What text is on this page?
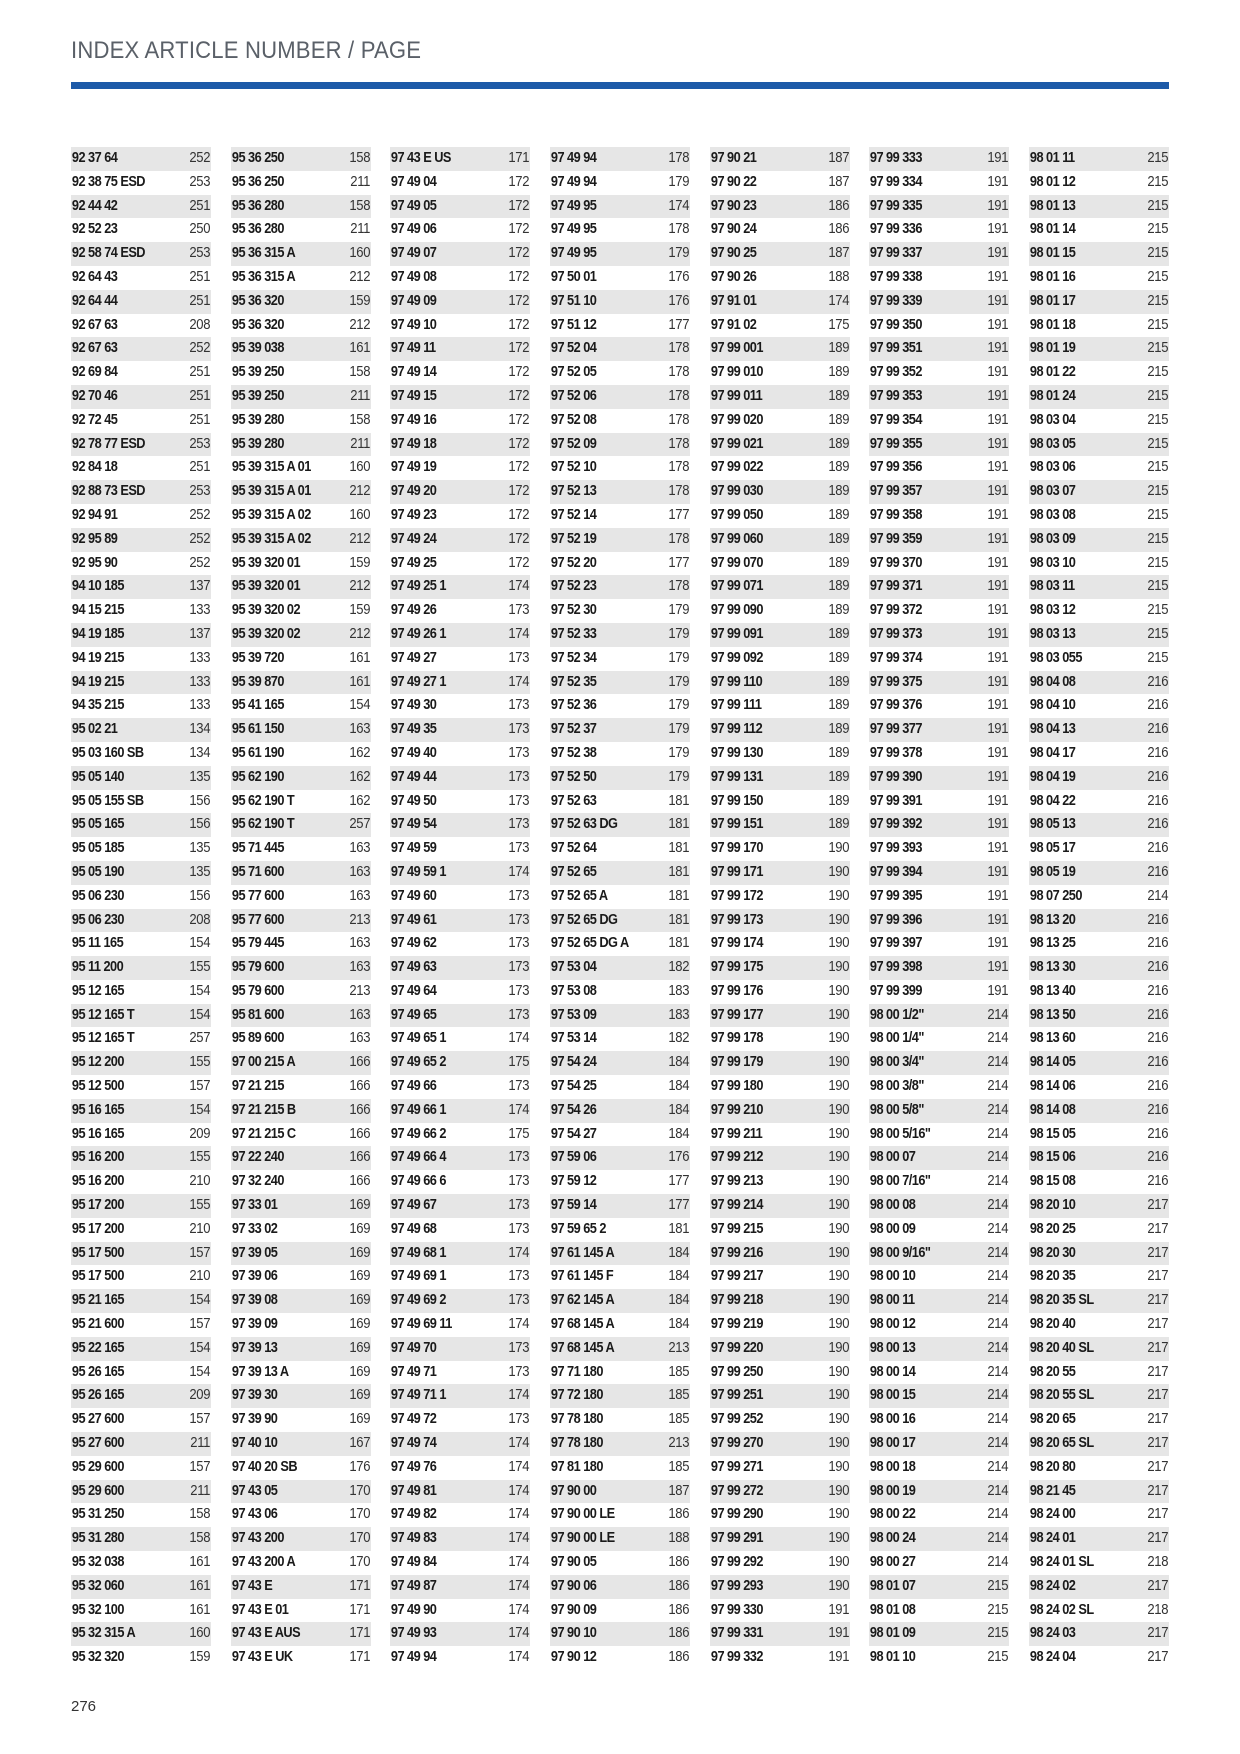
INDEX ARTICLE NUMBER / PAGE
92 37 64	252
92 38 75 ESD	253
92 44 42	251
92 52 23	250
92 58 74 ESD	253
92 64 43	251
92 64 44	251
92 67 63	208
92 67 63	252
92 69 84	251
92 70 46	251
92 72 45	251
92 78 77 ESD	253
92 84 18	251
92 88 73 ESD	253
92 94 91	252
92 95 89	252
92 95 90	252
94 10 185	137
94 15 215	133
94 19 185	137
94 19 215	133
94 19 215	133
94 35 215	133
95 02 21	134
95 03 160 SB	134
95 05 140	135
95 05 155 SB	156
95 05 165	156
95 05 185	135
95 05 190	135
95 06 230	156
95 06 230	208
95 11 165	154
95 11 200	155
95 12 165	154
95 12 165 T	154
95 12 165 T	257
95 12 200	155
95 12 500	157
95 16 165	154
95 16 165	209
95 16 200	155
95 16 200	210
95 17 200	155
95 17 200	210
95 17 500	157
95 17 500	210
95 21 165	154
95 21 600	157
95 22 165	154
95 26 165	154
95 26 165	209
95 27 600	157
95 27 600	211
95 29 600	157
95 29 600	211
95 31 250	158
95 31 280	158
95 32 038	161
95 32 060	161
95 32 100	161
95 32 315 A	160
95 32 320	159
95 36 250	158
95 36 250	211
95 36 280	158
95 36 280	211
95 36 315 A	160
95 36 315 A	212
95 36 320	159
95 36 320	212
95 39 038	161
95 39 250	158
95 39 250	211
95 39 280	158
95 39 280	211
95 39 315 A 01	160
95 39 315 A 01	212
95 39 315 A 02	160
95 39 315 A 02	212
95 39 320 01	159
95 39 320 01	212
95 39 320 02	159
95 39 320 02	212
95 39 720	161
95 39 870	161
95 41 165	154
95 61 150	163
95 61 190	162
95 62 190	162
95 62 190 T	162
95 62 190 T	257
95 71 445	163
95 71 600	163
95 77 600	163
95 77 600	213
95 79 445	163
95 79 600	163
95 79 600	213
95 81 600	163
95 89 600	163
97 00 215 A	166
97 21 215	166
97 21 215 B	166
97 21 215 C	166
97 22 240	166
97 32 240	166
97 33 01	169
97 33 02	169
97 39 05	169
97 39 06	169
97 39 08	169
97 39 09	169
97 39 13	169
97 39 13 A	169
97 39 30	169
97 39 90	169
97 40 10	167
97 40 20 SB	176
97 43 05	170
97 43 06	170
97 43 200	170
97 43 200 A	170
97 43 E	171
97 43 E 01	171
97 43 E AUS	171
97 43 E UK	171
97 43 E US	171
97 49 04	172
97 49 05	172
97 49 06	172
97 49 07	172
97 49 08	172
97 49 09	172
97 49 10	172
97 49 11	172
97 49 14	172
97 49 15	172
97 49 16	172
97 49 18	172
97 49 19	172
97 49 20	172
97 49 23	172
97 49 24	172
97 49 25	172
97 49 25 1	174
97 49 26	173
97 49 26 1	174
97 49 27	173
97 49 27 1	174
97 49 30	173
97 49 35	173
97 49 40	173
97 49 44	173
97 49 50	173
97 49 54	173
97 49 59	173
97 49 59 1	174
97 49 60	173
97 49 61	173
97 49 62	173
97 49 63	173
97 49 64	173
97 49 65	173
97 49 65 1	174
97 49 65 2	175
97 49 66	173
97 49 66 1	174
97 49 66 2	175
97 49 66 4	173
97 49 66 6	173
97 49 67	173
97 49 68	173
97 49 68 1	174
97 49 69 1	173
97 49 69 2	173
97 49 69 11	174
97 49 70	173
97 49 71	173
97 49 71 1	174
97 49 72	173
97 49 74	174
97 49 76	174
97 49 81	174
97 49 82	174
97 49 83	174
97 49 84	174
97 49 87	174
97 49 90	174
97 49 93	174
97 49 94	174
97 49 94	178
97 49 94	179
97 49 95	174
97 49 95	178
97 49 95	179
97 50 01	176
97 51 10	176
97 51 12	177
97 52 04	178
97 52 05	178
97 52 06	178
97 52 08	178
97 52 09	178
97 52 10	178
97 52 13	178
97 52 14	177
97 52 19	178
97 52 20	177
97 52 23	178
97 52 30	179
97 52 33	179
97 52 34	179
97 52 35	179
97 52 36	179
97 52 37	179
97 52 38	179
97 52 50	179
97 52 63	181
97 52 63 DG	181
97 52 64	181
97 52 65	181
97 52 65 A	181
97 52 65 DG	181
97 52 65 DG A	181
97 53 04	182
97 53 08	183
97 53 09	183
97 53 14	182
97 54 24	184
97 54 25	184
97 54 26	184
97 54 27	184
97 59 06	176
97 59 12	177
97 59 14	177
97 59 65 2	181
97 61 145 A	184
97 61 145 F	184
97 62 145 A	184
97 68 145 A	184
97 68 145 A	213
97 71 180	185
97 72 180	185
97 78 180	185
97 78 180	213
97 81 180	185
97 90 00	187
97 90 00 LE	186
97 90 00 LE	188
97 90 05	186
97 90 06	186
97 90 09	186
97 90 10	186
97 90 12	186
97 90 21	187
97 90 22	187
97 90 23	186
97 90 24	186
97 90 25	187
97 90 26	188
97 91 01	174
97 91 02	175
97 99 001	189
97 99 010	189
97 99 011	189
97 99 020	189
97 99 021	189
97 99 022	189
97 99 030	189
97 99 050	189
97 99 060	189
97 99 070	189
97 99 071	189
97 99 090	189
97 99 091	189
97 99 092	189
97 99 110	189
97 99 111	189
97 99 112	189
97 99 130	189
97 99 131	189
97 99 150	189
97 99 151	189
97 99 170	190
97 99 171	190
97 99 172	190
97 99 173	190
97 99 174	190
97 99 175	190
97 99 176	190
97 99 177	190
97 99 178	190
97 99 179	190
97 99 180	190
97 99 210	190
97 99 211	190
97 99 212	190
97 99 213	190
97 99 214	190
97 99 215	190
97 99 216	190
97 99 217	190
97 99 218	190
97 99 219	190
97 99 220	190
97 99 250	190
97 99 251	190
97 99 252	190
97 99 270	190
97 99 271	190
97 99 272	190
97 99 290	190
97 99 291	190
97 99 292	190
97 99 293	190
97 99 330	191
97 99 331	191
97 99 332	191
97 99 333	191
97 99 334	191
97 99 335	191
97 99 336	191
97 99 337	191
97 99 338	191
97 99 339	191
97 99 350	191
97 99 351	191
97 99 352	191
97 99 353	191
97 99 354	191
97 99 355	191
97 99 356	191
97 99 357	191
97 99 358	191
97 99 359	191
97 99 370	191
97 99 371	191
97 99 372	191
97 99 373	191
97 99 374	191
97 99 375	191
97 99 376	191
97 99 377	191
97 99 378	191
97 99 390	191
97 99 391	191
97 99 392	191
97 99 393	191
97 99 394	191
97 99 395	191
97 99 396	191
97 99 397	191
97 99 398	191
97 99 399	191
98 00 1/2"	214
98 00 1/4"	214
98 00 3/4"	214
98 00 3/8"	214
98 00 5/8"	214
98 00 5/16"	214
98 00 07	214
98 00 7/16"	214
98 00 08	214
98 00 09	214
98 00 9/16"	214
98 00 10	214
98 00 11	214
98 00 12	214
98 00 13	214
98 00 14	214
98 00 15	214
98 00 16	214
98 00 17	214
98 00 18	214
98 00 19	214
98 00 22	214
98 00 24	214
98 00 27	214
98 01 07	215
98 01 08	215
98 01 09	215
98 01 10	215
98 01 11	215
98 01 12	215
98 01 13	215
98 01 14	215
98 01 15	215
98 01 16	215
98 01 17	215
98 01 18	215
98 01 19	215
98 01 22	215
98 01 24	215
98 03 04	215
98 03 05	215
98 03 06	215
98 03 07	215
98 03 08	215
98 03 09	215
98 03 10	215
98 03 11	215
98 03 12	215
98 03 13	215
98 03 055	215
98 04 08	216
98 04 10	216
98 04 13	216
98 04 17	216
98 04 19	216
98 04 22	216
98 05 13	216
98 05 17	216
98 05 19	216
98 07 250	214
98 13 20	216
98 13 25	216
98 13 30	216
98 13 40	216
98 13 50	216
98 13 60	216
98 14 05	216
98 14 06	216
98 14 08	216
98 15 05	216
98 15 06	216
98 15 08	216
98 20 10	217
98 20 25	217
98 20 30	217
98 20 35	217
98 20 35 SL	217
98 20 40	217
98 20 40 SL	217
98 20 55	217
98 20 55 SL	217
98 20 65	217
98 20 65 SL	217
98 20 80	217
98 21 45	217
98 24 00	217
98 24 01	217
98 24 01 SL	218
98 24 02	217
98 24 02 SL	218
98 24 03	217
98 24 04	217
276
